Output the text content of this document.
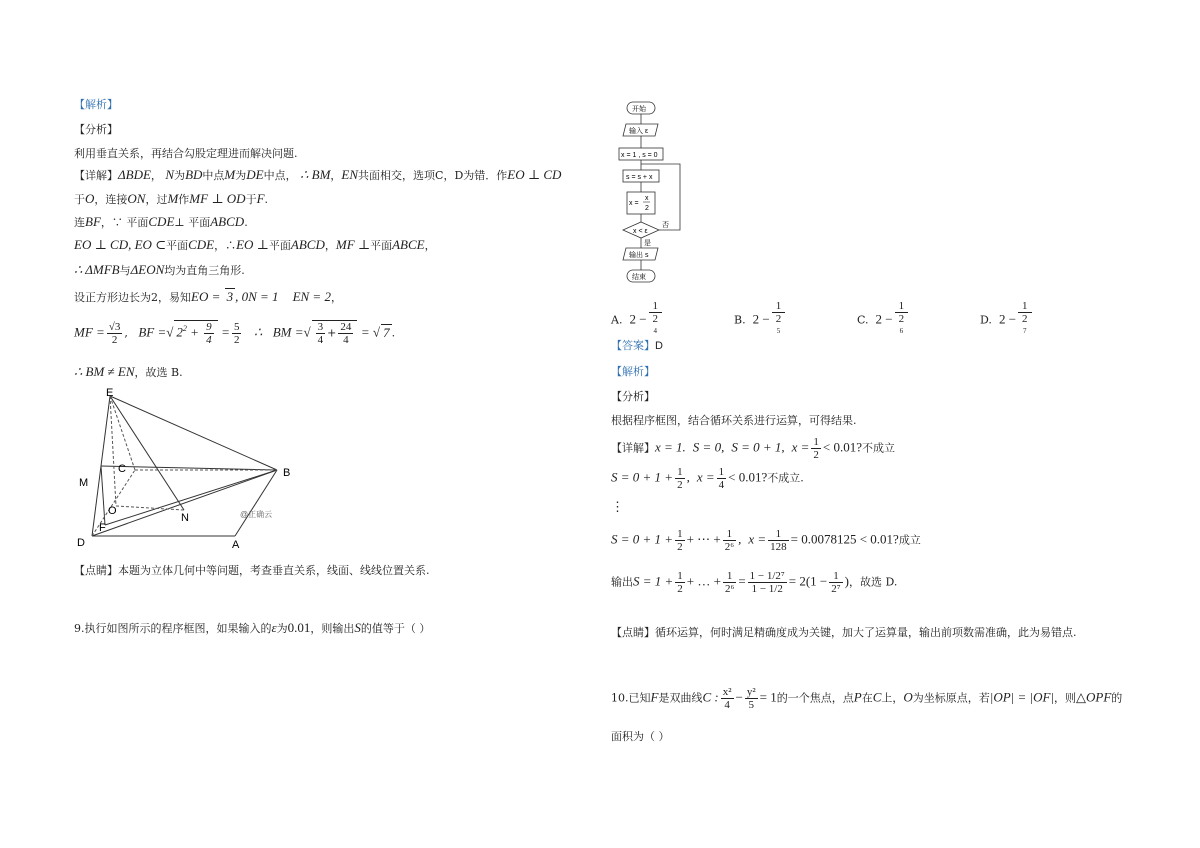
【解析】
【分析】
利用垂直关系，再结合勾股定理进而解决问题.
【详解】ΔBDE， N为BD中点M为DE中点， ∴ BM，EN共面相交，选项C，D为错．作EO ⊥ CD
于O，连接ON，过M作MF ⊥ OD于F.
连BF，∵ 平面CDE⊥ 平面ABCD.
EO ⊥ CD, EO ⊂平面CDE，∴EO ⊥平面ABCD，MF ⊥平面ABCE，
∴ ΔMFB与ΔEON均为直角三角形.
设正方形边长为2，易知EO = 3 , 0N = 1 EN = 2，
MF = $\frac{√3}{2}$ ,   BF =√ $2^2 + \frac{9}{4} = \frac{5}{2}$ ∴ BM =√ $\frac{3}{4} + \frac{24}{4}$ = √ 7 .
∴ BM ≠ EN，故选 B.
E
B
C
M
O
N
F
D	A
@正确云
【点睛】本题为立体几何中等问题，考查垂直关系，线面、线线位置关系.
9.执行如图所示的程序框图，如果输入的ε为0.01，则输出S的值等于（ ）
开始
输入 ε
x = 1 , s = 0
s = s + x
x =
x
2
x < ε
否
是
输出 s
结束
A. 2 − 1
2
$^4$	B. 2 − 1
2
$^5$	C. 2 − 1
2
$^6$	D. 2 − 1
2
$^7$
【答案】D
【解析】
【分析】
根据程序框图，结合循环关系进行运算，可得结果.
【详解】x = 1. S = 0, S = 0 + 1, $x = \frac{1}{2} < 0.01$?不成立
$S = 0 + 1 + \frac{1}{2}$ , $x = \frac{1}{4} < 0.01$?不成立.
⋮
$S = 0 + 1 + \frac{1}{2}$ + ⋯ + $\frac{1}{\text{2⁶}}$ , $x = \frac{1}{128} = 0.0078125 < 0.01$?成立
输出$S = 1 + \frac{1}{2}$ + … + $\frac{1}{\text{2⁶}} = \frac{\text{1 − 1/2⁷}}{1 - 1/2} = 2(1 - \frac{1}{\text{2⁷}}$ )，故选 D.
【点睛】循环运算，何时满足精确度成为关键，加大了运算量，输出前项数需准确，此为易错点.
10.已知F是双曲线C : $\frac{\text{x²}}{4} - \frac{\text{y²}}{5} = 1$的一个焦点，点P在C上，O为坐标原点，若|OP| = |OF|，则△OPF的
面积为（ ）
